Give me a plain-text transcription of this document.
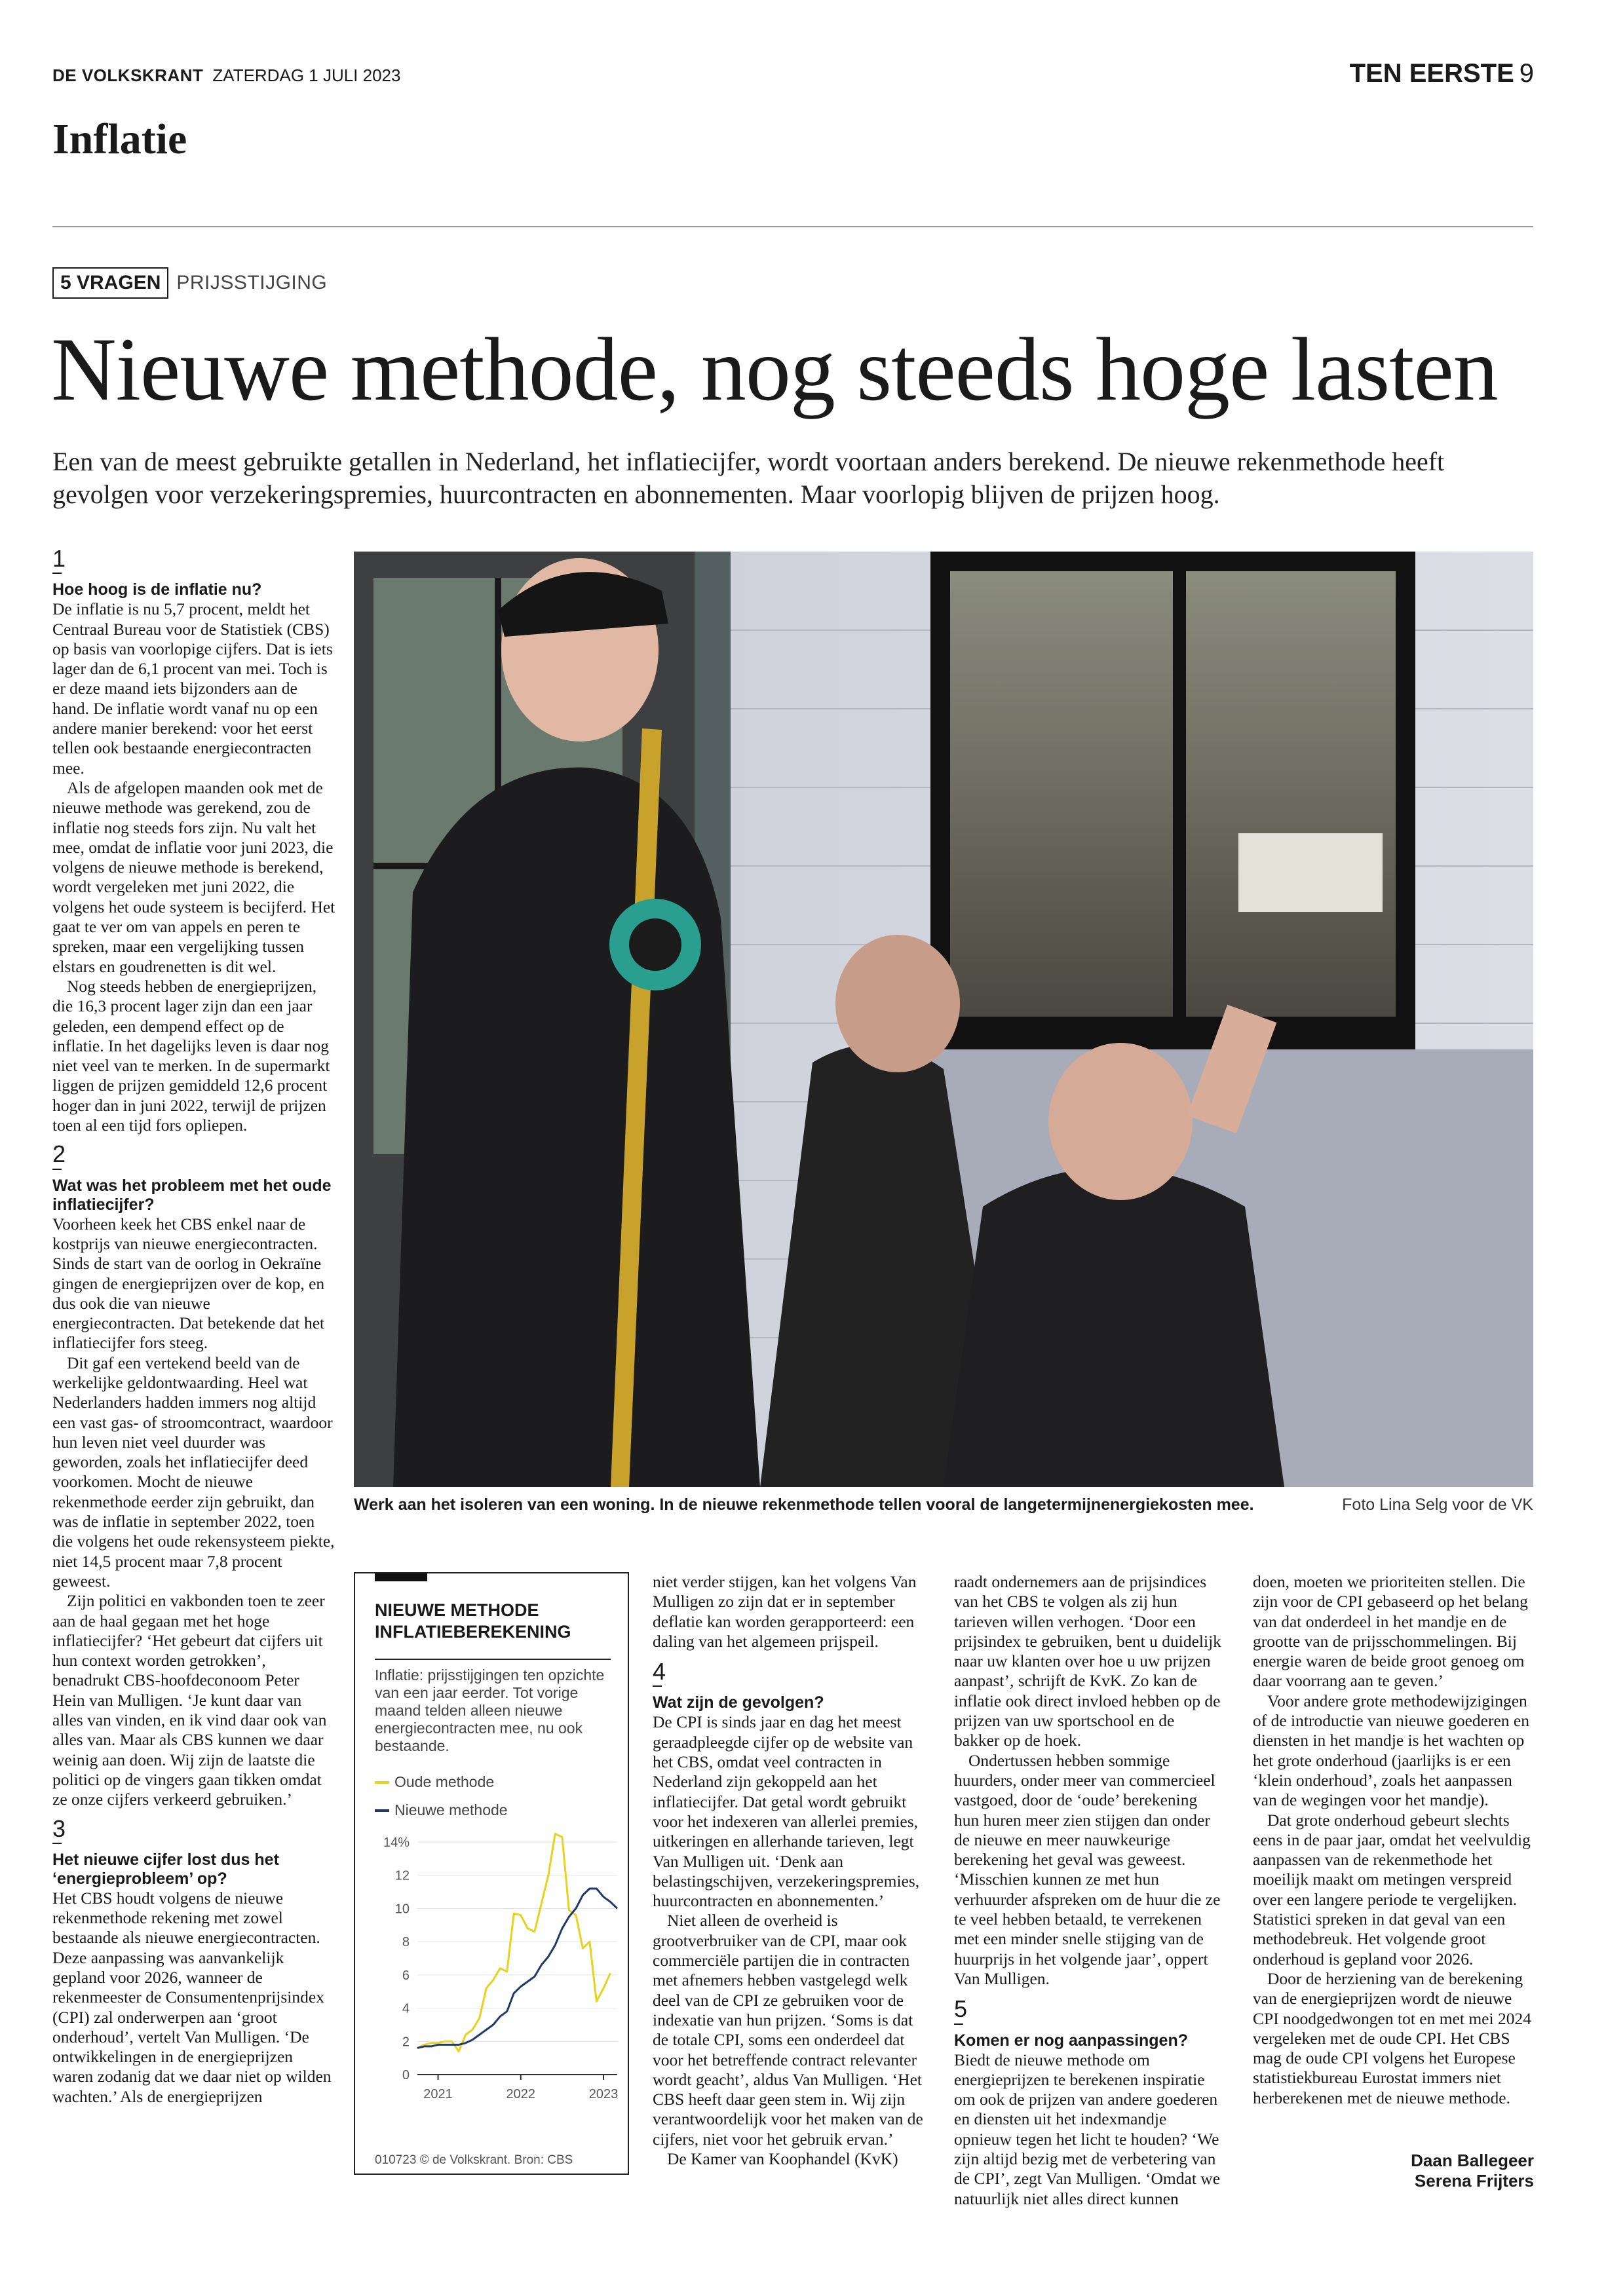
DE VOLKSKRANT ZATERDAG 1 JULI 2023	TEN EERSTE 9
Inflatie
5 VRAGEN PRIJSSTIJGING
Nieuwe methode, nog steeds hoge lasten
Een van de meest gebruikte getallen in Nederland, het inflatiecijfer, wordt voortaan anders berekend. De nieuwe rekenmethode heeft gevolgen voor verzekeringspremies, huurcontracten en abonnementen. Maar voorlopig blijven de prijzen hoog.
1
Hoe hoog is de inflatie nu?

De inflatie is nu 5,7 procent, meldt het Centraal Bureau voor de Statistiek (CBS) op basis van voorlopige cijfers. Dat is iets lager dan de 6,1 procent van mei. Toch is er deze maand iets bijzonders aan de hand. De inflatie wordt vanaf nu op een andere manier berekend: voor het eerst tellen ook bestaande energiecontracten mee.

Als de afgelopen maanden ook met de nieuwe methode was gerekend, zou de inflatie nog steeds fors zijn. Nu valt het mee, omdat de inflatie voor juni 2023, die volgens de nieuwe methode is berekend, wordt vergeleken met juni 2022, die volgens het oude systeem is becijferd. Het gaat te ver om van appels en peren te spreken, maar een vergelijking tussen elstars en goudrenetten is dit wel.

Nog steeds hebben de energieprijzen, die 16,3 procent lager zijn dan een jaar geleden, een dempend effect op de inflatie. In het dagelijks leven is daar nog niet veel van te merken. In de supermarkt liggen de prijzen gemiddeld 12,6 procent hoger dan in juni 2022, terwijl de prijzen toen al een tijd fors opliepen.

2
Wat was het probleem met het oude inflatiecijfer?

Voorheen keek het CBS enkel naar de kostprijs van nieuwe energiecontracten. Sinds de start van de oorlog in Oekraïne gingen de energieprijzen over de kop, en dus ook die van nieuwe energiecontracten. Dat betekende dat het inflatiecijfer fors steeg.

Dit gaf een vertekend beeld van de werkelijke geldontwaarding. Heel wat Nederlanders hadden immers nog altijd een vast gas- of stroomcontract, waardoor hun leven niet veel duurder was geworden, zoals het inflatiecijfer deed voorkomen. Mocht de nieuwe rekenmethode eerder zijn gebruikt, dan was de inflatie in september 2022, toen die volgens het oude rekensysteem piekte, niet 14,5 procent maar 7,8 procent geweest.

Zijn politici en vakbonden toen te zeer aan de haal gegaan met het hoge inflatiecijfer? ‘Het gebeurt dat cijfers uit hun context worden getrokken’, benadrukt CBS-hoofdeconoom Peter Hein van Mulligen. ‘Je kunt daar van alles van vinden, en ik vind daar ook van alles van. Maar als CBS kunnen we daar weinig aan doen. Wij zijn de laatste die politici op de vingers gaan tikken omdat ze onze cijfers verkeerd gebruiken.’

3
Het nieuwe cijfer lost dus het ‘energieprobleem’ op?

Het CBS houdt volgens de nieuwe rekenmethode rekening met zowel bestaande als nieuwe energiecontracten. Deze aanpassing was aanvankelijk gepland voor 2026, wanneer de rekenmeester de Consumentenprijsindex (CPI) zal onderwerpen aan ‘groot onderhoud’, vertelt Van Mulligen. ‘De ontwikkelingen in de energieprijzen waren zodanig dat we daar niet op wilden wachten.’ Als de energieprijzen

Werk aan het isoleren van een woning. In de nieuwe rekenmethode tellen vooral de langetermijnenergiekosten mee.	Foto Lina Selg voor de VK
NIEUWE METHODE
INFLATIEBEREKENING
Inflatie: prijsstijgingen ten opzichte van een jaar eerder. Tot vorige maand telden alleen nieuwe energiecontracten mee, nu ook bestaande.
Oude methode
Nieuwe methode
0
2
4
6
8
10
12
14%
2021	2022	2023
010723 © de Volkskrant. Bron: CBS

niet verder stijgen, kan het volgens Van Mulligen zo zijn dat er in september deflatie kan worden gerapporteerd: een daling van het algemeen prijspeil.

4
Wat zijn de gevolgen?

De CPI is sinds jaar en dag het meest geraadpleegde cijfer op de website van het CBS, omdat veel contracten in Nederland zijn gekoppeld aan het inflatiecijfer. Dat getal wordt gebruikt voor het indexeren van allerlei premies, uitkeringen en allerhande tarieven, legt Van Mulligen uit. ‘Denk aan belastingschijven, verzekeringspremies, huurcontracten en abonnementen.’

Niet alleen de overheid is grootverbruiker van de CPI, maar ook commerciële partijen die in contracten met afnemers hebben vastgelegd welk deel van de CPI ze gebruiken voor de indexatie van hun prijzen. ‘Soms is dat de totale CPI, soms een onderdeel dat voor het betreffende contract relevanter wordt geacht’, aldus Van Mulligen. ‘Het CBS heeft daar geen stem in. Wij zijn verantwoordelijk voor het maken van de cijfers, niet voor het gebruik ervan.’

De Kamer van Koophandel (KvK)

raadt ondernemers aan de prijsindices van het CBS te volgen als zij hun tarieven willen verhogen. ‘Door een prijsindex te gebruiken, bent u duidelijk naar uw klanten over hoe u uw prijzen aanpast’, schrijft de KvK. Zo kan de inflatie ook direct invloed hebben op de prijzen van uw sportschool en de bakker op de hoek.

Ondertussen hebben sommige huurders, onder meer van commercieel vastgoed, door de ‘oude’ berekening hun huren meer zien stijgen dan onder de nieuwe en meer nauwkeurige berekening het geval was geweest. ‘Misschien kunnen ze met hun verhuurder afspreken om de huur die ze te veel hebben betaald, te verrekenen met een minder snelle stijging van de huurprijs in het volgende jaar’, oppert Van Mulligen.

5
Komen er nog aanpassingen?

Biedt de nieuwe methode om energieprijzen te berekenen inspiratie om ook de prijzen van andere goederen en diensten uit het indexmandje opnieuw tegen het licht te houden? ‘We zijn altijd bezig met de verbetering van de CPI’, zegt Van Mulligen. ‘Omdat we natuurlijk niet alles direct kunnen

doen, moeten we prioriteiten stellen. Die zijn voor de CPI gebaseerd op het belang van dat onderdeel in het mandje en de grootte van de prijsschommelingen. Bij energie waren de beide groot genoeg om daar voorrang aan te geven.’

Voor andere grote methodewijzigingen of de introductie van nieuwe goederen en diensten in het mandje is het wachten op het grote onderhoud (jaarlijks is er een ‘klein onderhoud’, zoals het aanpassen van de wegingen voor het mandje).

Dat grote onderhoud gebeurt slechts eens in de paar jaar, omdat het veelvuldig aanpassen van de rekenmethode het moeilijk maakt om metingen verspreid over een langere periode te vergelijken. Statistici spreken in dat geval van een methodebreuk. Het volgende groot onderhoud is gepland voor 2026.

Door de herziening van de berekening van de energieprijzen wordt de nieuwe CPI noodgedwongen tot en met mei 2024 vergeleken met de oude CPI. Het CBS mag de oude CPI volgens het Europese statistiekbureau Eurostat immers niet herberekenen met de nieuwe methode.

Daan Ballegeer
Serena Frijters
